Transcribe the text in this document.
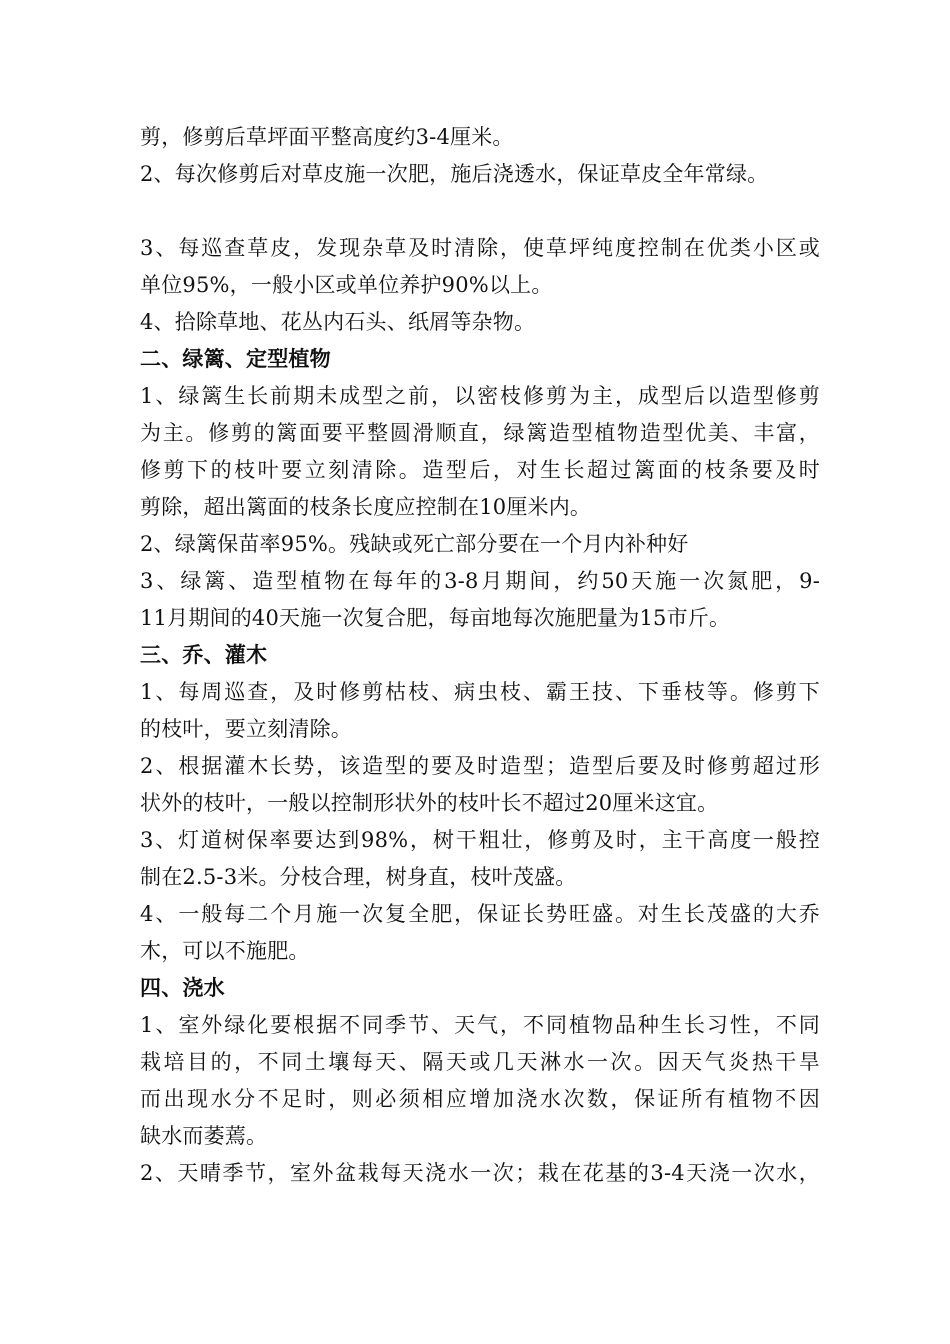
剪，修剪后草坪面平整高度约3-4厘米。
2、每次修剪后对草皮施一次肥，施后浇透水，保证草皮全年常绿。
3、每巡查草皮，发现杂草及时清除，使草坪纯度控制在优类小区或
单位95%，一般小区或单位养护90%以上。
4、拾除草地、花丛内石头、纸屑等杂物。
二、绿篱、定型植物
1、绿篱生长前期未成型之前，以密枝修剪为主，成型后以造型修剪
为主。修剪的篱面要平整圆滑顺直，绿篱造型植物造型优美、丰富，
修剪下的枝叶要立刻清除。造型后，对生长超过篱面的枝条要及时
剪除，超出篱面的枝条长度应控制在10厘米内。
2、绿篱保苗率95%。残缺或死亡部分要在一个月内补种好
3、绿篱、造型植物在每年的3-8月期间，约50天施一次氮肥，9-
11月期间的40天施一次复合肥，每亩地每次施肥量为15市斤。
三、乔、灌木
1、每周巡查，及时修剪枯枝、病虫枝、霸王技、下垂枝等。修剪下
的枝叶，要立刻清除。
2、根据灌木长势，该造型的要及时造型；造型后要及时修剪超过形
状外的枝叶，一般以控制形状外的枝叶长不超过20厘米这宜。
3、灯道树保率要达到98%，树干粗壮，修剪及时，主干高度一般控
制在2.5-3米。分枝合理，树身直，枝叶茂盛。
4、一般每二个月施一次复全肥，保证长势旺盛。对生长茂盛的大乔
木，可以不施肥。
四、浇水
1、室外绿化要根据不同季节、天气，不同植物品种生长习性，不同
栽培目的，不同土壤每天、隔天或几天淋水一次。因天气炎热干旱
而出现水分不足时，则必须相应增加浇水次数，保证所有植物不因
缺水而萎蔫。
2、天晴季节，室外盆栽每天浇水一次；栽在花基的3-4天浇一次水，
